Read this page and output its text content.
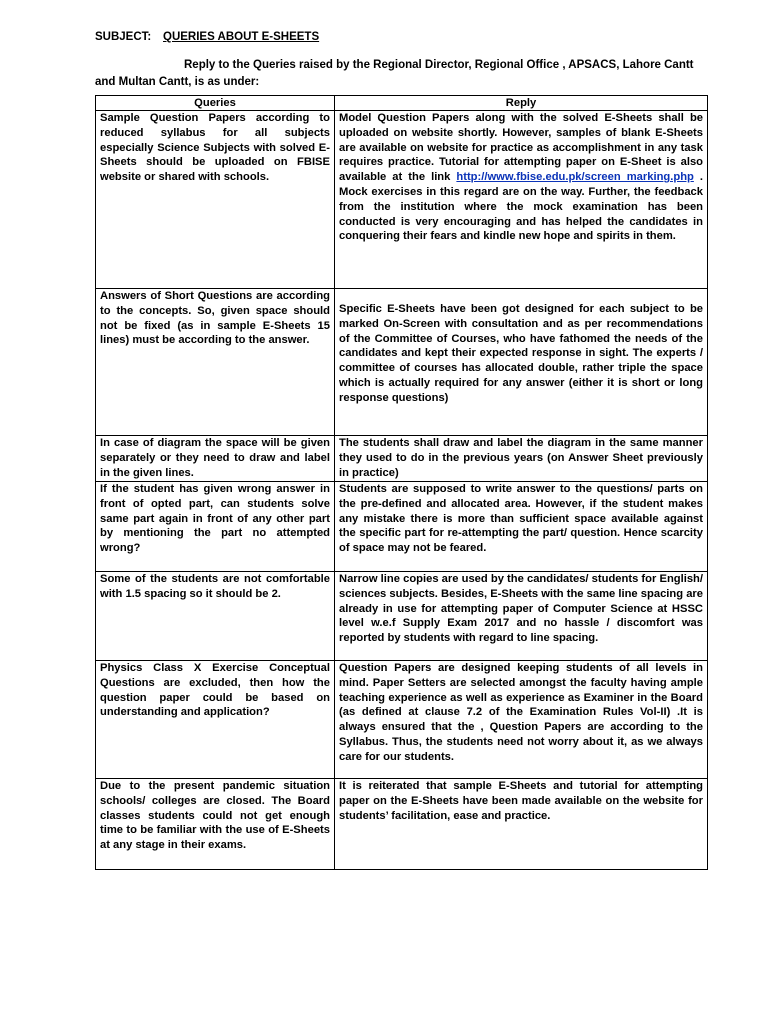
SUBJECT: QUERIES ABOUT E-SHEETS

Reply to the Queries raised by the Regional Director, Regional Office , APSACS, Lahore Cantt and Multan Cantt, is as under:

Queries	Reply

Sample Question Papers according to reduced syllabus for all subjects especially Science Subjects with solved E-Sheets should be uploaded on FBISE website or shared with schools.	Model Question Papers along with the solved E-Sheets shall be uploaded on website shortly. However, samples of blank E-Sheets are available on website for practice as accomplishment in any task requires practice. Tutorial for attempting paper on E-Sheet is also available at the link http://www.fbise.edu.pk/screen marking.php . Mock exercises in this regard are on the way. Further, the feedback from the institution where the mock examination has been conducted is very encouraging and has helped the candidates in conquering their fears and kindle new hope and spirits in them.

Answers of Short Questions are according to the concepts. So, given space should not be fixed (as in sample E-Sheets 15 lines) must be according to the answer.	Specific E-Sheets have been got designed for each subject to be marked On-Screen with consultation and as per recommendations of the Committee of Courses, who have fathomed the needs of the candidates and kept their expected response in sight. The experts / committee of courses has allocated double, rather triple the space which is actually required for any answer (either it is short or long response questions)

In case of diagram the space will be given separately or they need to draw and label in the given lines.	The students shall draw and label the diagram in the same manner they used to do in the previous years (on Answer Sheet previously in practice)

If the student has given wrong answer in front of opted part, can students solve same part again in front of any other part by mentioning the part no attempted wrong?	Students are supposed to write answer to the questions/ parts on the pre-defined and allocated area. However, if the student makes any mistake there is more than sufficient space available against the specific part for re-attempting the part/ question. Hence scarcity of space may not be feared.

Some of the students are not comfortable with 1.5 spacing so it should be 2.	Narrow line copies are used by the candidates/ students for English/ sciences subjects. Besides, E-Sheets with the same line spacing are already in use for attempting paper of Computer Science at HSSC level w.e.f Supply Exam 2017 and no hassle / discomfort was reported by students with regard to line spacing.

Physics Class X Exercise Conceptual Questions are excluded, then how the question paper could be based on understanding and application?	Question Papers are designed keeping students of all levels in mind. Paper Setters are selected amongst the faculty having ample teaching experience as well as experience as Examiner in the Board (as defined at clause 7.2 of the Examination Rules Vol-II) .It is always ensured that the , Question Papers are according to the Syllabus. Thus, the students need not worry about it, as we always care for our students.

Due to the present pandemic situation schools/ colleges are closed. The Board classes students could not get enough time to be familiar with the use of E-Sheets at any stage in their exams.	It is reiterated that sample E-Sheets and tutorial for attempting paper on the E-Sheets have been made available on the website for students’ facilitation, ease and practice.
